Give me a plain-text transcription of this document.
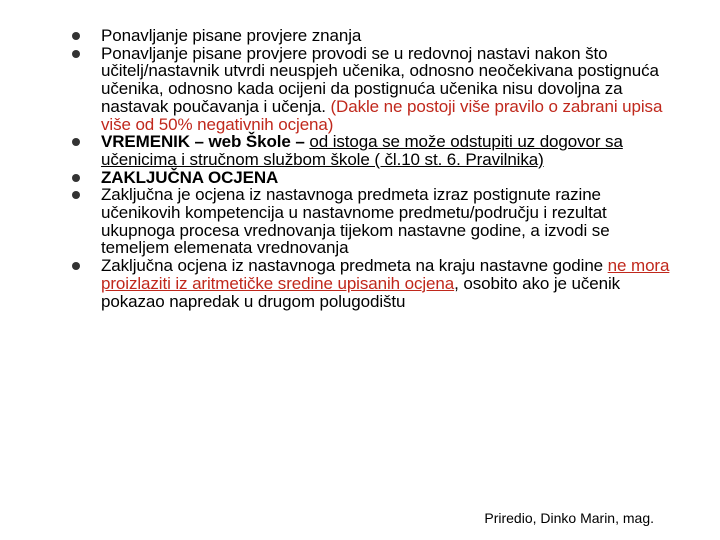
Ponavljanje pisane provjere znanja
Ponavljanje pisane provjere provodi se u redovnoj nastavi nakon što učitelj/nastavnik utvrdi neuspjeh učenika, odnosno neočekivana postignuća učenika, odnosno kada ocijeni da postignuća učenika nisu dovoljna za nastavak poučavanja i učenja. (Dakle ne postoji više pravilo o zabrani upisa više od 50% negativnih ocjena)
VREMENIK – web Škole – od istoga se može odstupiti uz dogovor sa učenicima i stručnom službom škole ( čl.10 st. 6. Pravilnika)
ZAKLJUČNA OCJENA
Zaključna je ocjena iz nastavnoga predmeta izraz postignute razine učenikovih kompetencija u nastavnome predmetu/području i rezultat ukupnoga procesa vrednovanja tijekom nastavne godine, a izvodi se temeljem elemenata vrednovanja
Zaključna ocjena iz nastavnoga predmeta na kraju nastavne godine ne mora proizlaziti iz aritmetičke sredine upisanih ocjena, osobito ako je učenik pokazao napredak u drugom polugodištu
Priredio, Dinko Marin, mag.
